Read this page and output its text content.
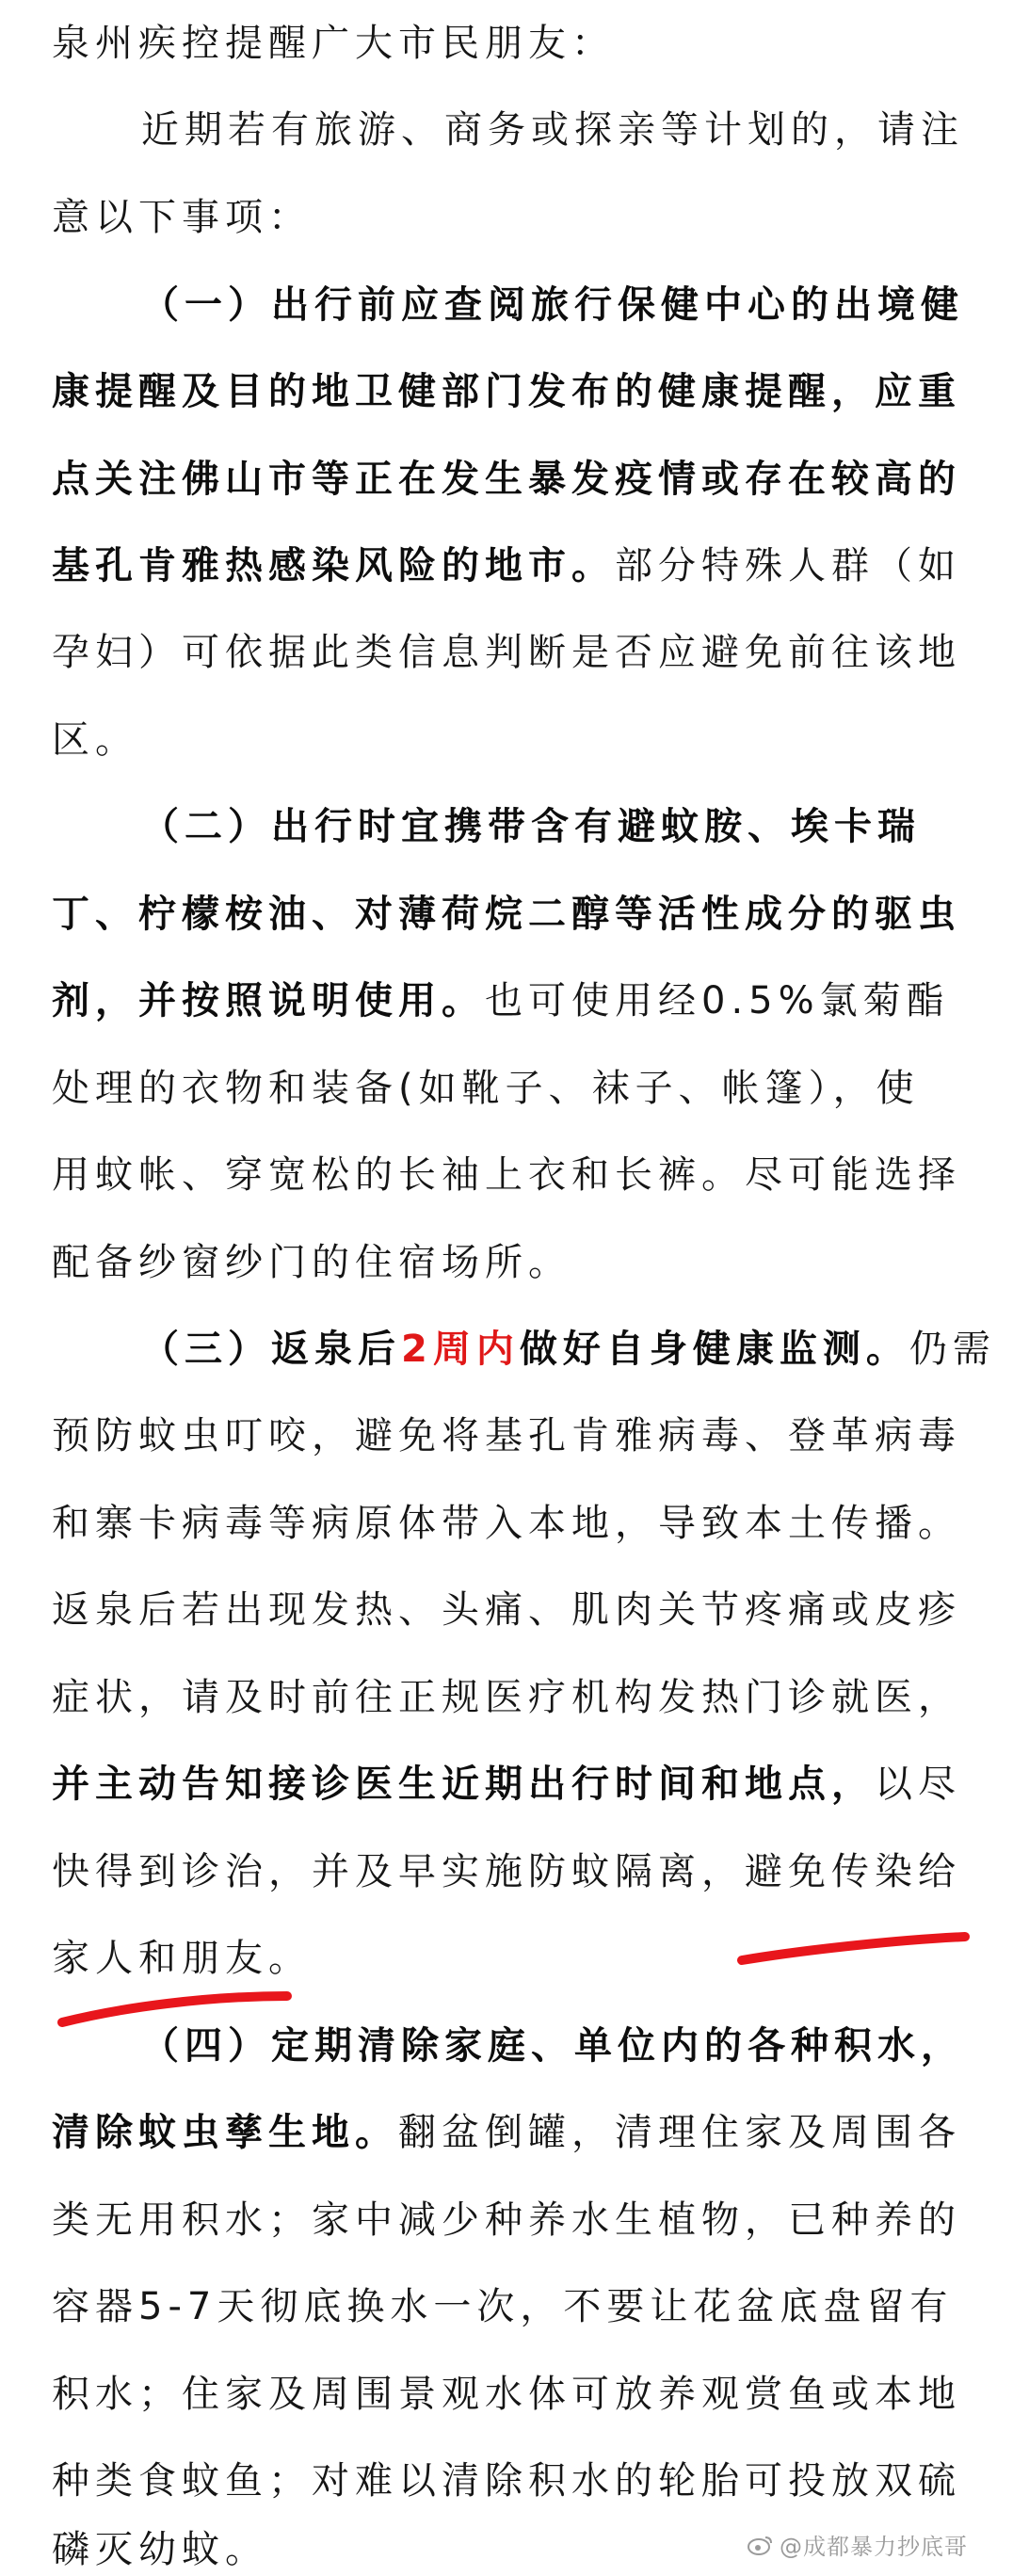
泉州疾控提醒广大市民朋友：
近期若有旅游、商务或探亲等计划的，请注
意以下事项：
（一）出行前应查阅旅行保健中心的出境健
康提醒及目的地卫健部门发布的健康提醒，应重
点关注佛山市等正在发生暴发疫情或存在较高的
基孔肯雅热感染风险的地市。部分特殊人群（如
孕妇）可依据此类信息判断是否应避免前往该地
区。
（二）出行时宜携带含有避蚊胺、埃卡瑞
丁、柠檬桉油、对薄荷烷二醇等活性成分的驱虫
剂，并按照说明使用。也可使用经0.5%氯菊酯
处理的衣物和装备(如靴子、袜子、帐篷），使
用蚊帐、穿宽松的长袖上衣和长裤。尽可能选择
配备纱窗纱门的住宿场所。
（三）返泉后2周内做好自身健康监测。仍需
预防蚊虫叮咬，避免将基孔肯雅病毒、登革病毒
和寨卡病毒等病原体带入本地，导致本土传播。
返泉后若出现发热、头痛、肌肉关节疼痛或皮疹
症状，请及时前往正规医疗机构发热门诊就医，
并主动告知接诊医生近期出行时间和地点，以尽
快得到诊治，并及早实施防蚊隔离，避免传染给
家人和朋友。
（四）定期清除家庭、单位内的各种积水，
清除蚊虫孳生地。翻盆倒罐，清理住家及周围各
类无用积水；家中减少种养水生植物，已种养的
容器5-7天彻底换水一次，不要让花盆底盘留有
积水；住家及周围景观水体可放养观赏鱼或本地
种类食蚊鱼；对难以清除积水的轮胎可投放双硫
磷灭幼蚊。	@成都暴力抄底哥
